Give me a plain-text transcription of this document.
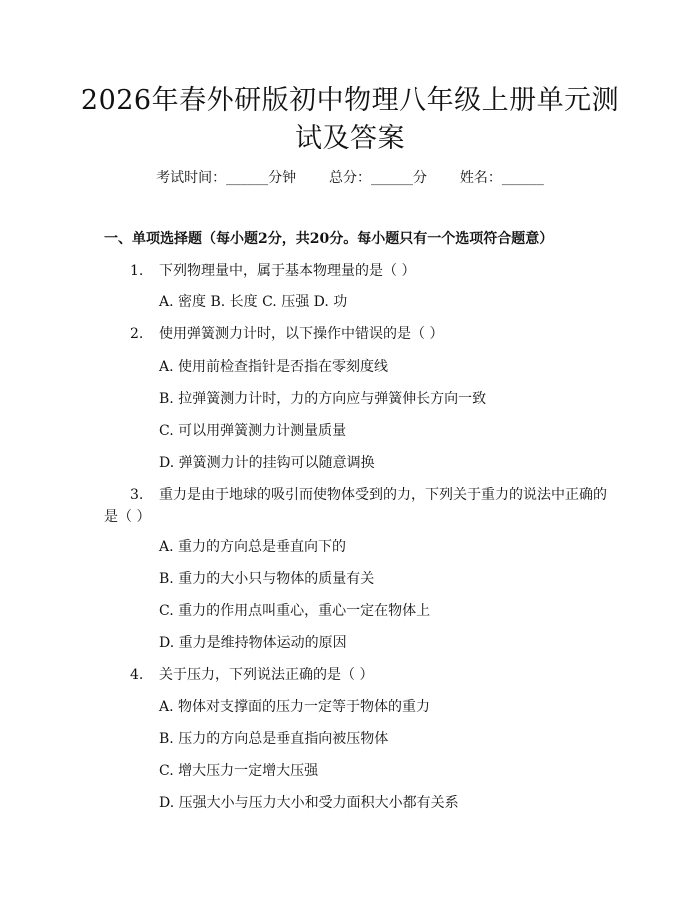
2026年春外研版初中物理八年级上册单元测
试及答案
考试时间：______分钟 总分：______分 姓名：______
一、单项选择题（每小题2分，共20分。每小题只有一个选项符合题意）
1.	下列物理量中，属于基本物理量的是（ ）
A. 密度 B. 长度 C. 压强 D. 功
2.	使用弹簧测力计时，以下操作中错误的是（ ）
A. 使用前检查指针是否指在零刻度线
B. 拉弹簧测力计时，力的方向应与弹簧伸长方向一致
C. 可以用弹簧测力计测量质量
D. 弹簧测力计的挂钩可以随意调换
3.	重力是由于地球的吸引而使物体受到的力，下列关于重力的说法中正确的
是（ ）
A. 重力的方向总是垂直向下的
B. 重力的大小只与物体的质量有关
C. 重力的作用点叫重心，重心一定在物体上
D. 重力是维持物体运动的原因
4.	关于压力，下列说法正确的是（ ）
A. 物体对支撑面的压力一定等于物体的重力
B. 压力的方向总是垂直指向被压物体
C. 增大压力一定增大压强
D. 压强大小与压力大小和受力面积大小都有关系
